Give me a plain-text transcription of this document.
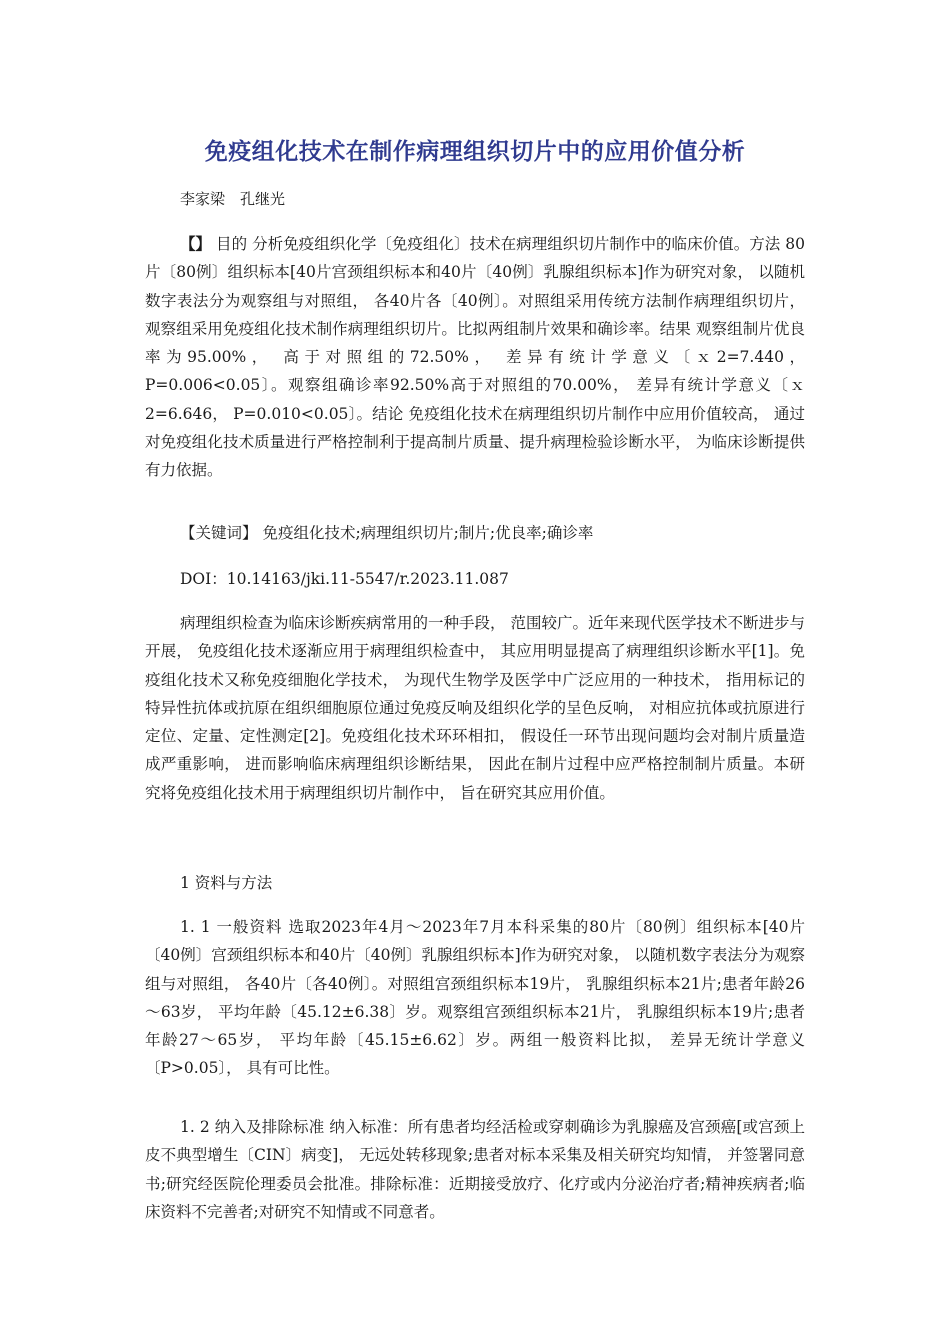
免疫组化技术在制作病理组织切片中的应用价值分析
李家梁　孔继光
【】 目的 分析免疫组织化学〔免疫组化〕技术在病理组织切片制作中的临床价值。方法 80片〔80例〕组织标本[40片宫颈组织标本和40片〔40例〕乳腺组织标本]作为研究对象， 以随机数字表法分为观察组与对照组， 各40片各〔40例〕。对照组采用传统方法制作病理组织切片， 观察组采用免疫组化技术制作病理组织切片。比拟两组制片效果和确诊率。结果 观察组制片优良率为95.00%， 高于对照组的72.50%， 差异有统计学意义〔ｘ2=7.440， P=0.006<0.05〕。观察组确诊率92.50%高于对照组的70.00%， 差异有统计学意义〔ｘ2=6.646， P=0.010<0.05〕。结论 免疫组化技术在病理组织切片制作中应用价值较高， 通过对免疫组化技术质量进行严格控制利于提高制片质量、提升病理检验诊断水平， 为临床诊断提供有力依据。
【关键词】 免疫组化技术;病理组织切片;制片;优良率;确诊率
DOI：10.14163/jki.11-5547/r.2023.11.087
病理组织检查为临床诊断疾病常用的一种手段， 范围较广。近年来现代医学技术不断进步与开展， 免疫组化技术逐渐应用于病理组织检查中， 其应用明显提高了病理组织诊断水平[1]。免疫组化技术又称免疫细胞化学技术， 为现代生物学及医学中广泛应用的一种技术， 指用标记的特异性抗体或抗原在组织细胞原位通过免疫反响及组织化学的呈色反响， 对相应抗体或抗原进行定位、定量、定性测定[2]。免疫组化技术环环相扣， 假设任一环节出现问题均会对制片质量造成严重影响， 进而影响临床病理组织诊断结果， 因此在制片过程中应严格控制制片质量。本研究将免疫组化技术用于病理组织切片制作中， 旨在研究其应用价值。
1 资料与方法
1. 1 一般资料 选取2023年4月～2023年7月本科采集的80片〔80例〕组织标本[40片〔40例〕宫颈组织标本和40片〔40例〕乳腺组织标本]作为研究对象， 以随机数字表法分为观察组与对照组， 各40片〔各40例〕。对照组宫颈组织标本19片， 乳腺组织标本21片;患者年龄26～63岁， 平均年龄〔45.12±6.38〕岁。观察组宫颈组织标本21片， 乳腺组织标本19片;患者年龄27～65岁， 平均年龄〔45.15±6.62〕岁。两组一般资料比拟， 差异无统计学意义〔P>0.05〕， 具有可比性。
1. 2 纳入及排除标准 纳入标准：所有患者均经活检或穿刺确诊为乳腺癌及宫颈癌[或宫颈上皮不典型增生〔CIN〕病变]， 无远处转移现象;患者对标本采集及相关研究均知情， 并签署同意书;研究经医院伦理委员会批准。排除标准：近期接受放疗、化疗或内分泌治疗者;精神疾病者;临床资料不完善者;对研究不知情或不同意者。
